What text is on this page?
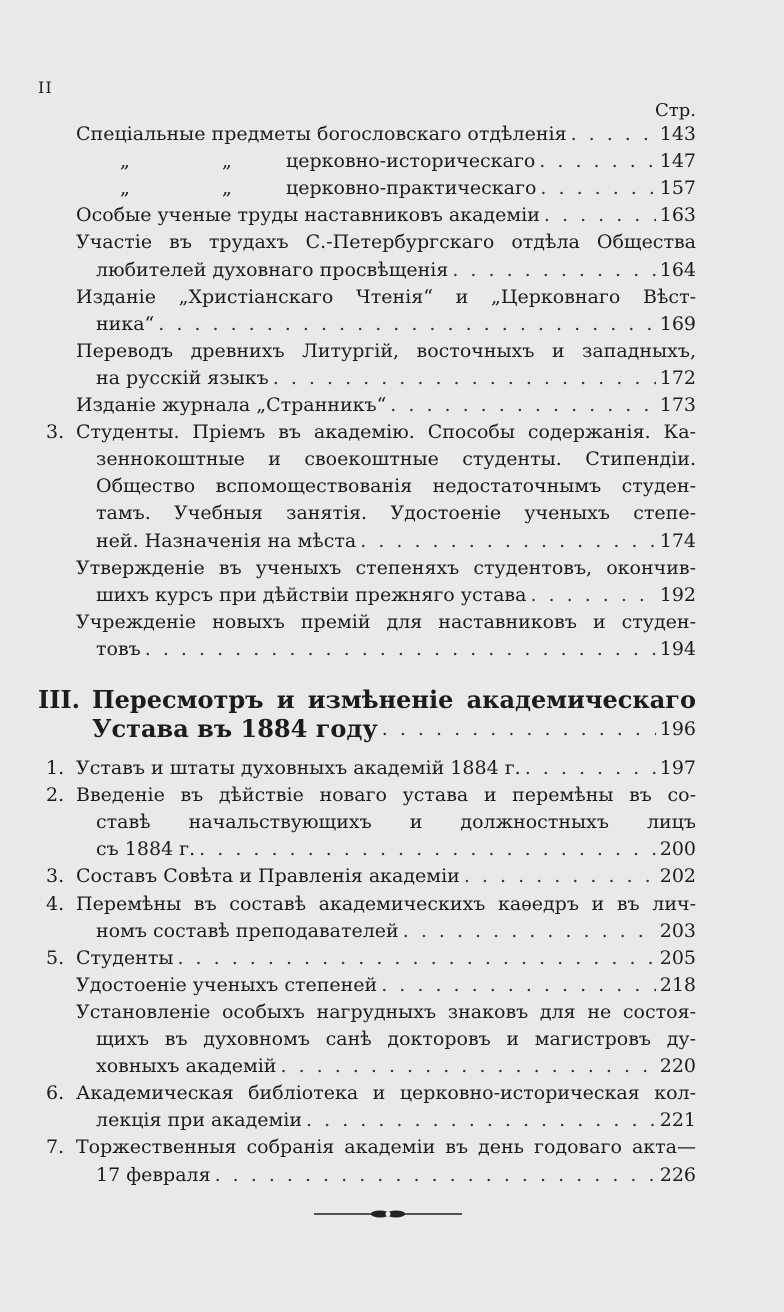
II
Стр.
Спеціальные предметы богословскаго отдѣленія . . .	143
„	„	церковно-историческаго . . .	147
„	„	церковно-практическаго . . .	157
Особые ученые труды наставниковъ академіи . . .	163
Участіе въ трудахъ С.-Петербургскаго отдѣла Общества
любителей духовнаго просвѣщенія . . .	164
Изданіе „Христіанскаго Чтенія“ и „Церковнаго Вѣст-
ника“ . . .	169
Переводъ древнихъ Литургій, восточныхъ и западныхъ,
на русскій языкъ . . .	172
Изданіе журнала „Странникъ“ . . .	173
3. Студенты. Пріемъ въ академію. Способы содержанія. Ка-
зеннокоштные и своекоштные студенты. Стипендіи.
Общество вспомоществованія недостаточнымъ студен-
тамъ. Учебныя занятія. Удостоеніе ученыхъ степе-
ней. Назначенія на мѣста . . .	174
Утвержденіе въ ученыхъ степеняхъ студентовъ, окончив-
шихъ курсъ при дѣйствіи прежняго устава . . .	192
Учрежденіе новыхъ премій для наставниковъ и студен-
товъ . . .	194
III. Пересмотръ и измѣненіе академическаго
Устава въ 1884 году . . .	196
1. Уставъ и штаты духовныхъ академій 1884 г. . . .	197
2. Введеніе въ дѣйствіе новаго устава и перемѣны въ со-
ставѣ начальствующихъ и должностныхъ лицъ
съ 1884 г. . . .	200
3. Составъ Совѣта и Правленія академіи . . .	202
4. Перемѣны въ составѣ академическихъ каѳедръ и въ лич-
номъ составѣ преподавателей . . .	203
5. Студенты . . .	205
Удостоеніе ученыхъ степеней . . .	218
Установленіе особыхъ нагрудныхъ знаковъ для не состоя-
щихъ въ духовномъ санѣ докторовъ и магистровъ ду-
ховныхъ академій . . .	220
6. Академическая библіотека и церковно-историческая кол-
лекція при академіи . . .	221
7. Торжественныя собранія академіи въ день годоваго акта—
17 февраля . . .	226
